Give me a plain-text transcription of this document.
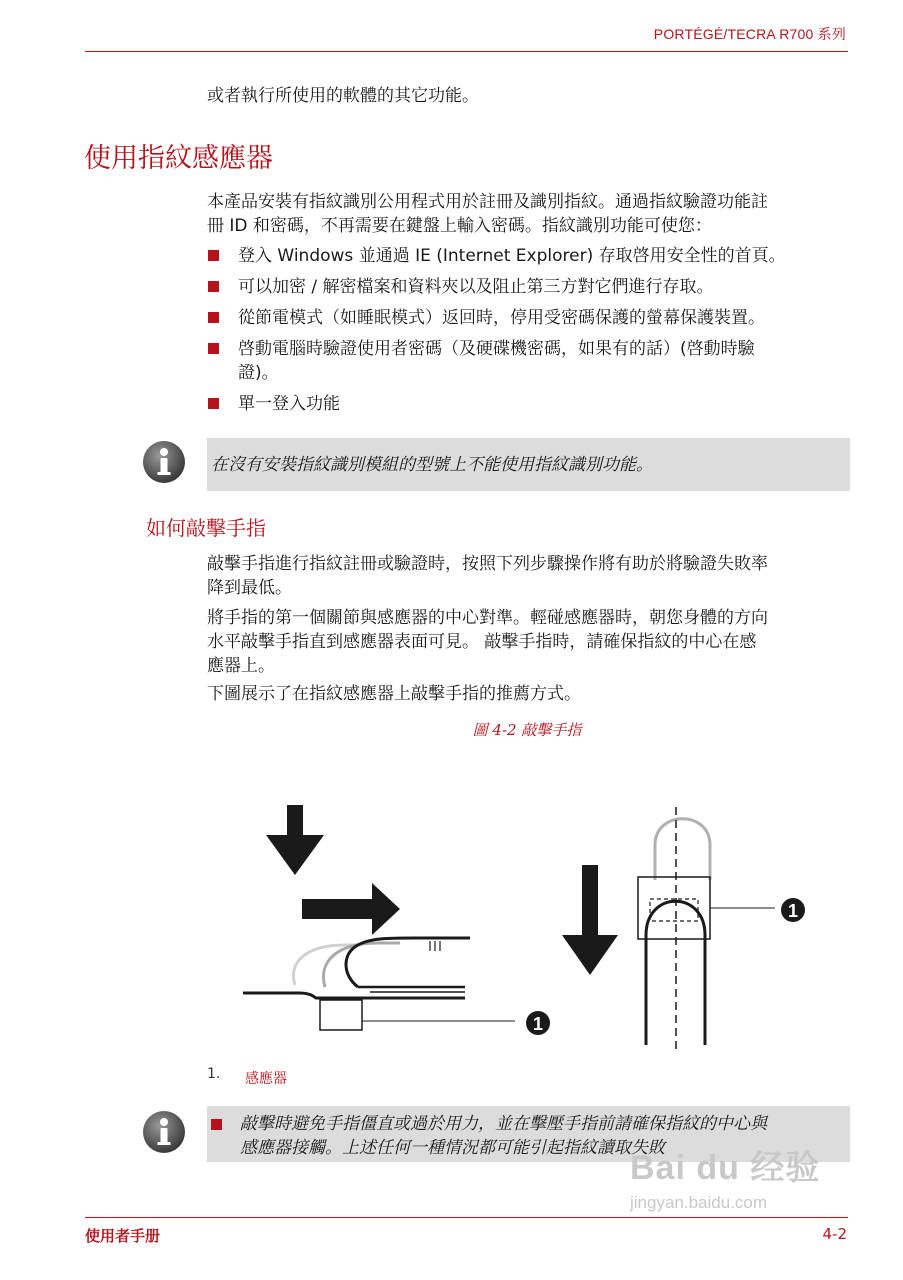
PORTÉGÉ/TECRA R700 系列
或者執行所使用的軟體的其它功能。
使用指紋感應器
本產品安裝有指紋識別公用程式用於註冊及識別指紋。通過指紋驗證功能註
冊 ID 和密碼，不再需要在鍵盤上輸入密碼。指紋識別功能可使您：
登入 Windows 並通過 IE (Internet Explorer) 存取啓用安全性的首頁。
可以加密 / 解密檔案和資料夾以及阻止第三方對它們進行存取。
從節電模式（如睡眠模式）返回時，停用受密碼保護的螢幕保護裝置。
啓動電腦時驗證使用者密碼（及硬碟機密碼，如果有的話）(啓動時驗
證)。
單一登入功能
在沒有安裝指紋識別模組的型號上不能使用指紋識別功能。
如何敲擊手指
敲擊手指進行指紋註冊或驗證時，按照下列步驟操作將有助於將驗證失敗率
降到最低。
將手指的第一個關節與感應器的中心對準。輕碰感應器時，朝您身體的方向
水平敲擊手指直到感應器表面可見。 敲擊手指時，請確保指紋的中心在感
應器上。
下圖展示了在指紋感應器上敲擊手指的推薦方式。
圖 4-2 敲擊手指
1
1
1. 感應器
敲擊時避免手指僵直或過於用力，並在擊壓手指前請確保指紋的中心與
感應器接觸。上述任何一種情況都可能引起指紋讀取失敗
Bai du 经验
jingyan.baidu.com
使用者手册	4-2
